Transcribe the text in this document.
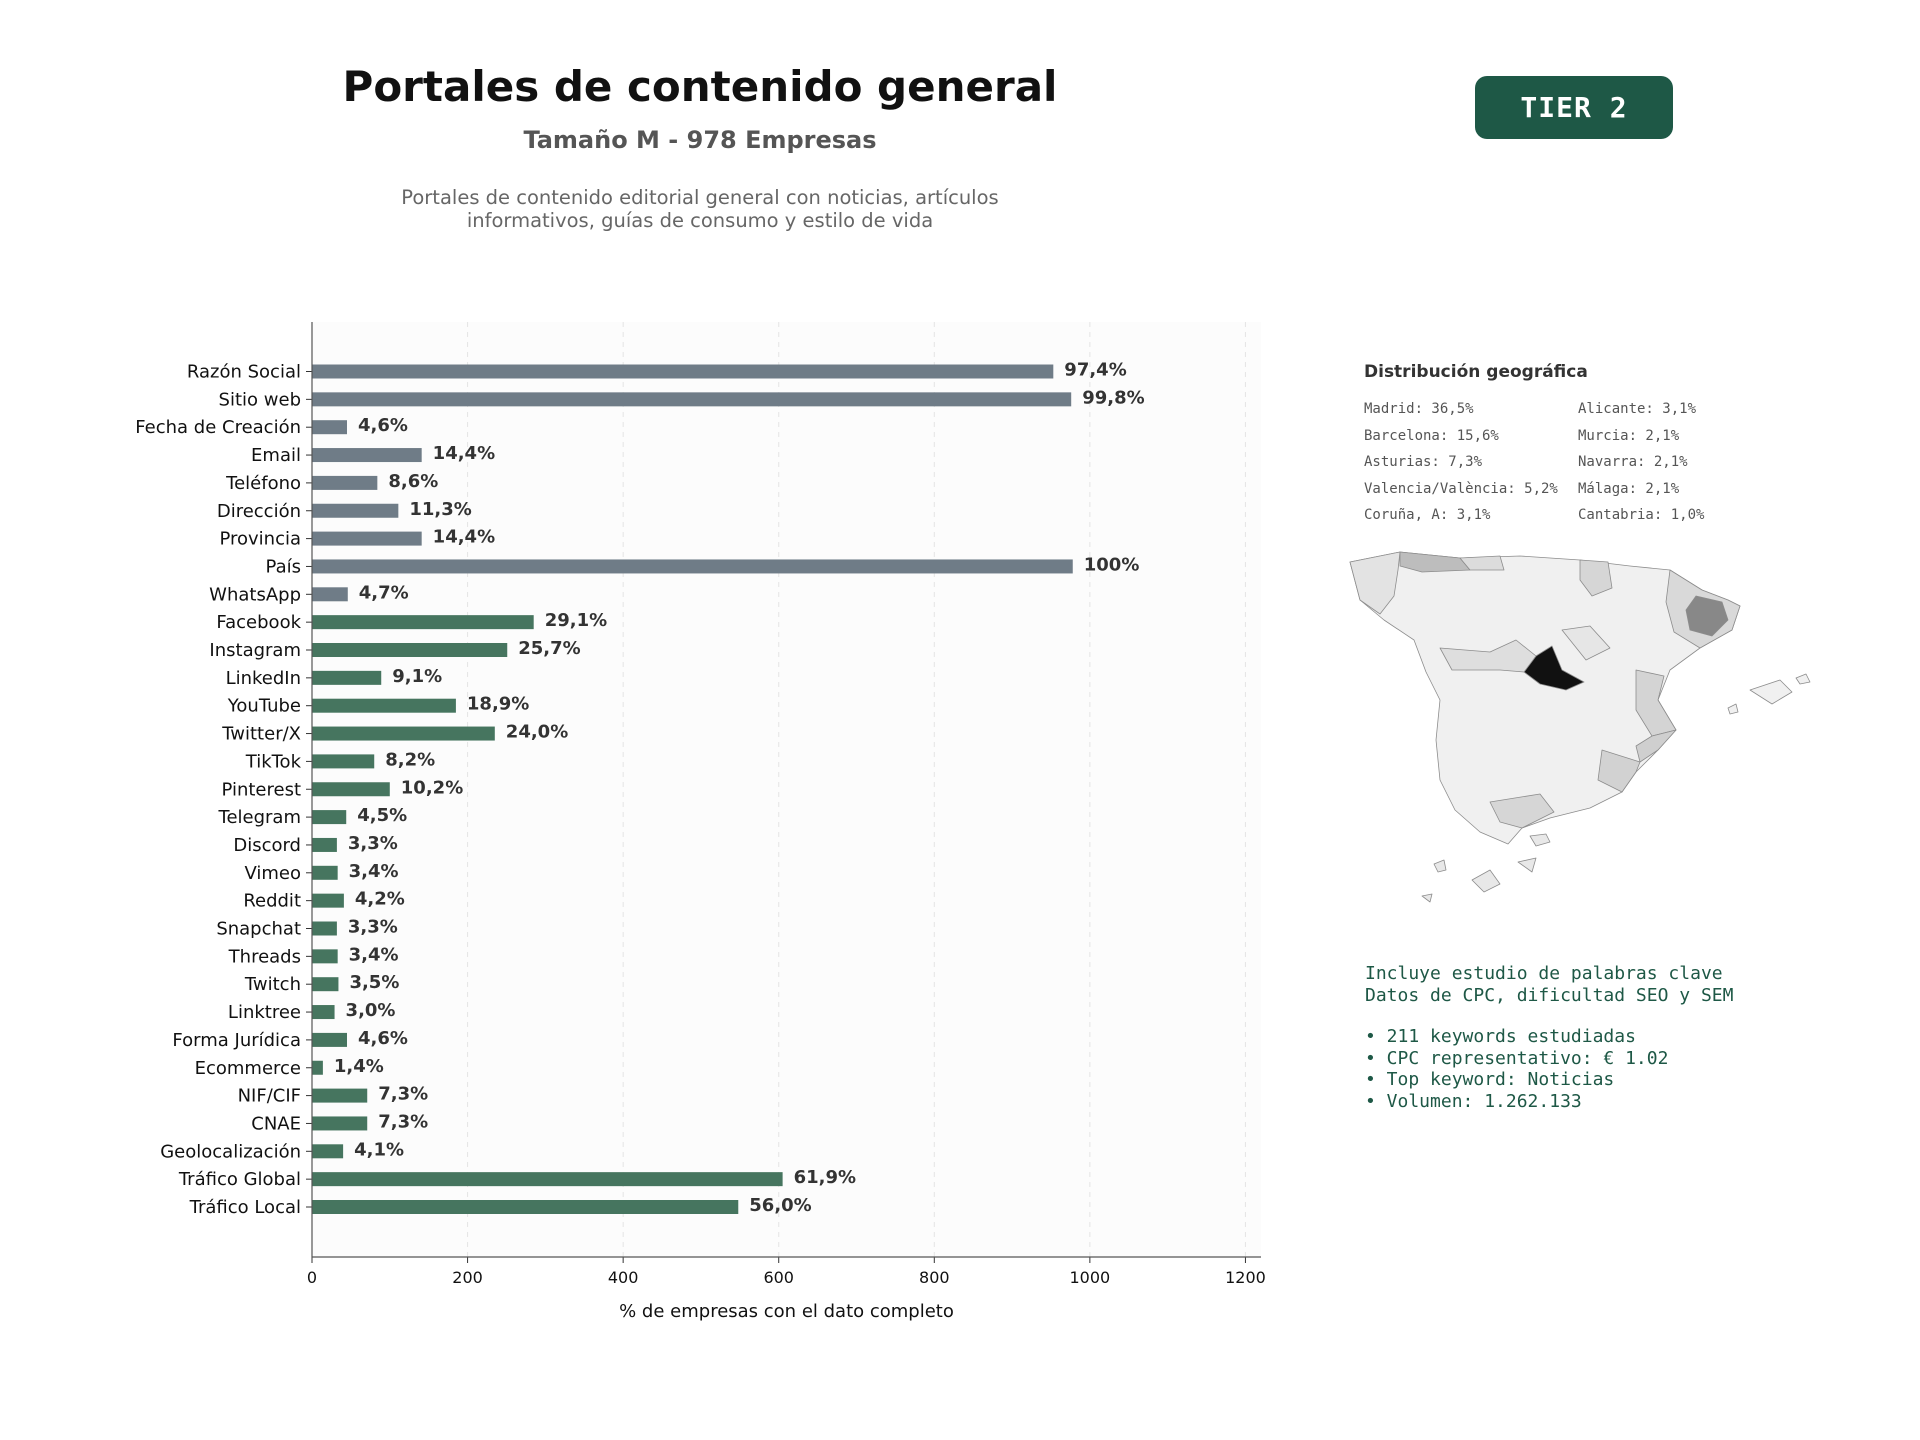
Portales de contenido general
Tamaño M - 978 Empresas
Portales de contenido editorial general con noticias, artículos
informativos, guías de consumo y estilo de vida
TIER 2
0	200	400	600	800	1000	1200
Razón Social	97,4%
Sitio web	99,8%
Fecha de Creación	4,6%
Email	14,4%
Teléfono	8,6%
Dirección	11,3%
Provincia	14,4%
País	100%
WhatsApp	4,7%
Facebook	29,1%
Instagram	25,7%
LinkedIn	9,1%
YouTube	18,9%
Twitter/X	24,0%
TikTok	8,2%
Pinterest	10,2%
Telegram	4,5%
Discord	3,3%
Vimeo	3,4%
Reddit	4,2%
Snapchat	3,3%
Threads	3,4%
Twitch	3,5%
Linktree 3,0%
Forma Jurídica	4,6%
Ecommerce 1,4%
NIF/CIF	7,3%
CNAE	7,3%
Geolocalización	4,1%
Tráfico Global	61,9%
Tráfico Local	56,0%
% de empresas con el dato completo
Distribución geográfica
Madrid: 36,5%	Alicante: 3,1%
Barcelona: 15,6%	Murcia: 2,1%
Asturias: 7,3%	Navarra: 2,1%
Valencia/València: 5,2%	Málaga: 2,1%
Coruña, A: 3,1%	Cantabria: 1,0%
Incluye estudio de palabras clave
Datos de CPC, dificultad SEO y SEM
• 211 keywords estudiadas
• CPC representativo: € 1.02
• Top keyword: Noticias
• Volumen: 1.262.133
